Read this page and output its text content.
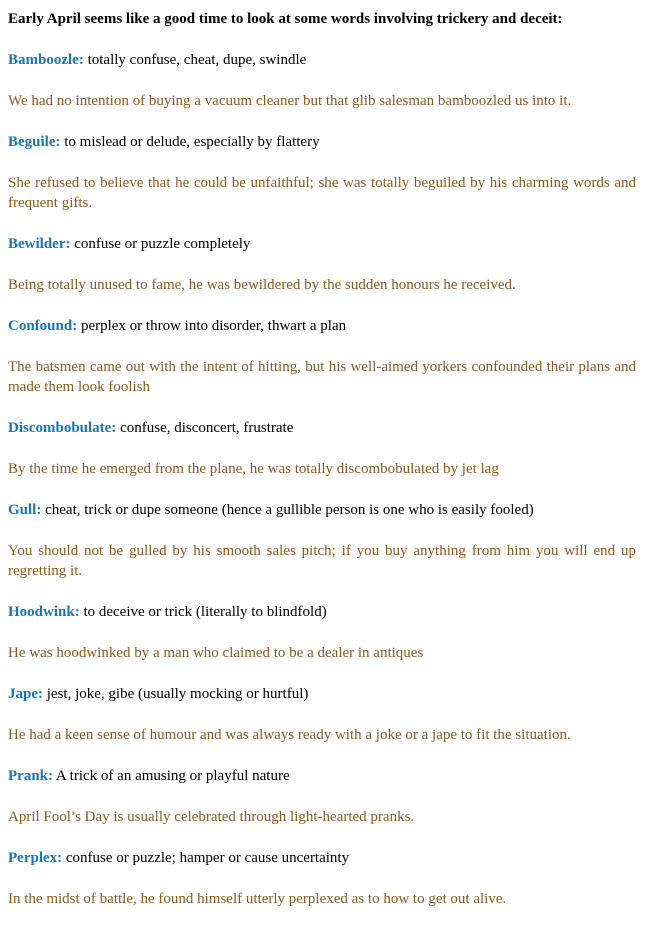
Early April seems like a good time to look at some words involving trickery and deceit:

Bamboozle: totally confuse, cheat, dupe, swindle

We had no intention of buying a vacuum cleaner but that glib salesman bamboozled us into it.

Beguile: to mislead or delude, especially by flattery

She refused to believe that he could be unfaithful; she was totally beguiled by his charming words and frequent gifts.

Bewilder: confuse or puzzle completely

Being totally unused to fame, he was bewildered by the sudden honours he received.

Confound: perplex or throw into disorder, thwart a plan

The batsmen came out with the intent of hitting, but his well-aimed yorkers confounded their plans and made them look foolish

Discombobulate: confuse, disconcert, frustrate

By the time he emerged from the plane, he was totally discombobulated by jet lag

Gull: cheat, trick or dupe someone (hence a gullible person is one who is easily fooled)

You should not be gulled by his smooth sales pitch; if you buy anything from him you will end up regretting it.

Hoodwink: to deceive or trick (literally to blindfold)

He was hoodwinked by a man who claimed to be a dealer in antiques

Jape: jest, joke, gibe (usually mocking or hurtful)

He had a keen sense of humour and was always ready with a joke or a jape to fit the situation.

Prank: A trick of an amusing or playful nature

April Fool’s Day is usually celebrated through light-hearted pranks.

Perplex: confuse or puzzle; hamper or cause uncertainty

In the midst of battle, he found himself utterly perplexed as to how to get out alive.
